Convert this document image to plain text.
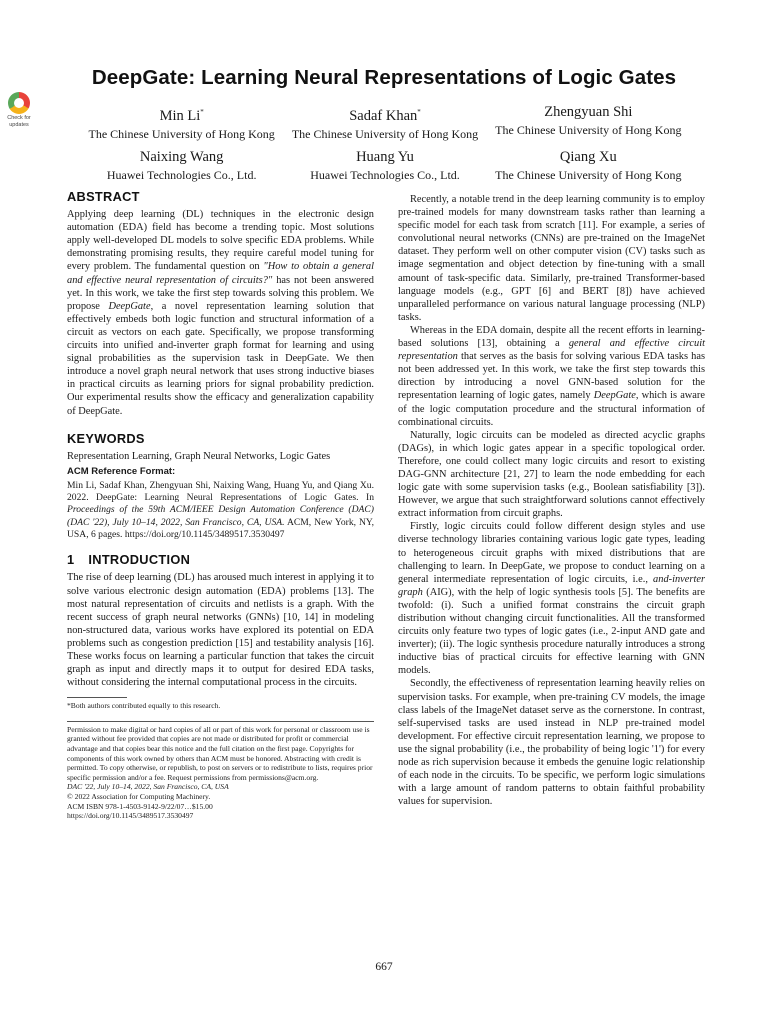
Check for
updates
DeepGate: Learning Neural Representations of Logic Gates
Min Li*
The Chinese University of Hong Kong
Sadaf Khan*
The Chinese University of Hong Kong
Zhengyuan Shi
The Chinese University of Hong Kong
Naixing Wang
Huawei Technologies Co., Ltd.
Huang Yu
Huawei Technologies Co., Ltd.
Qiang Xu
The Chinese University of Hong Kong
ABSTRACT

Applying deep learning (DL) techniques in the electronic design automation (EDA) field has become a trending topic. Most solutions apply well-developed DL models to solve specific EDA problems. While demonstrating promising results, they require careful model tuning for every problem. The fundamental question on "How to obtain a general and effective neural representation of circuits?" has not been answered yet. In this work, we take the first step towards solving this problem. We propose DeepGate, a novel representation learning solution that effectively embeds both logic function and structural information of a circuit as vectors on each gate. Specifically, we propose transforming circuits into unified and-inverter graph format for learning and using signal probabilities as the supervision task in DeepGate. We then introduce a novel graph neural network that uses strong inductive biases in practical circuits as learning priors for signal probability prediction. Our experimental results show the efficacy and generalization capability of DeepGate.

KEYWORDS

Representation Learning, Graph Neural Networks, Logic Gates

ACM Reference Format:

Min Li, Sadaf Khan, Zhengyuan Shi, Naixing Wang, Huang Yu, and Qiang Xu. 2022. DeepGate: Learning Neural Representations of Logic Gates. In Proceedings of the 59th ACM/IEEE Design Automation Conference (DAC) (DAC '22), July 10–14, 2022, San Francisco, CA, USA. ACM, New York, NY, USA, 6 pages. https://doi.org/10.1145/3489517.3530497

1 INTRODUCTION

The rise of deep learning (DL) has aroused much interest in applying it to solve various electronic design automation (EDA) problems [13]. The most natural representation of circuits and netlists is a graph. With the recent success of graph neural networks (GNNs) [10, 14] in modeling non-structured data, various works have explored its potential on EDA problems such as congestion prediction [15] and testability analysis [16]. These works focus on learning a particular function that takes the circuit graph as input and directly maps it to output for desired EDA tasks, without considering the internal computational process in the circuits.

*Both authors contributed equally to this research.
Permission to make digital or hard copies of all or part of this work for personal or classroom use is granted without fee provided that copies are not made or distributed for profit or commercial advantage and that copies bear this notice and the full citation on the first page. Copyrights for components of this work owned by others than ACM must be honored. Abstracting with credit is permitted. To copy otherwise, or republish, to post on servers or to redistribute to lists, requires prior specific permission and/or a fee. Request permissions from permissions@acm.org.
DAC '22, July 10–14, 2022, San Francisco, CA, USA
© 2022 Association for Computing Machinery.
ACM ISBN 978-1-4503-9142-9/22/07…$15.00
https://doi.org/10.1145/3489517.3530497

Recently, a notable trend in the deep learning community is to employ pre-trained models for many downstream tasks rather than learning a specific model for each task from scratch [11]. For example, a series of convolutional neural networks (CNNs) are pre-trained on the ImageNet dataset. They perform well on other computer vision (CV) tasks such as image segmentation and object detection by fine-tuning with a small amount of task-specific data. Similarly, pre-trained Transformer-based language models (e.g., GPT [6] and BERT [8]) have achieved unparalleled performance on various natural language processing (NLP) tasks.

Whereas in the EDA domain, despite all the recent efforts in learning-based solutions [13], obtaining a general and effective circuit representation that serves as the basis for solving various EDA tasks has not been addressed yet. In this work, we take the first step towards this direction by introducing a novel GNN-based solution for the representation learning of logic gates, namely DeepGate, which is aware of the logic computation procedure and the structural information of combinational circuits.

Naturally, logic circuits can be modeled as directed acyclic graphs (DAGs), in which logic gates appear in a specific topological order. Therefore, one could collect many logic circuits and resort to existing DAG-GNN architecture [21, 27] to learn the node embedding for each logic gate with some supervision tasks (e.g., Boolean satisfiability [3]). However, we argue that such straightforward solutions cannot effectively extract information from circuit graphs.

Firstly, logic circuits could follow different design styles and use diverse technology libraries containing various logic gate types, leading to heterogeneous circuit graphs with mixed distributions that are challenging to learn. In DeepGate, we propose to conduct learning on a general intermediate representation of logic circuits, i.e., and-inverter graph (AIG), with the help of logic synthesis tools [5]. The benefits are twofold: (i). Such a unified format constrains the circuit graph distribution without changing circuit functionalities. All the transformed circuits only feature two types of logic gates (i.e., 2-input AND gate and inverter); (ii). The logic synthesis procedure naturally introduces a strong inductive bias of practical circuits for effective learning with GNN models.

Secondly, the effectiveness of representation learning heavily relies on supervision tasks. For example, when pre-training CV models, the image class labels of the ImageNet dataset serve as the cornerstone. In contrast, self-supervised tasks are used instead in NLP pre-trained model development. For effective circuit representation learning, we propose to use the signal probability (i.e., the probability of being logic '1') for every node as rich supervision because it embeds the genuine logic relationship of each node in the circuits. To be specific, we perform logic simulations with a large amount of random patterns to obtain faithful probability values for supervision.

667
